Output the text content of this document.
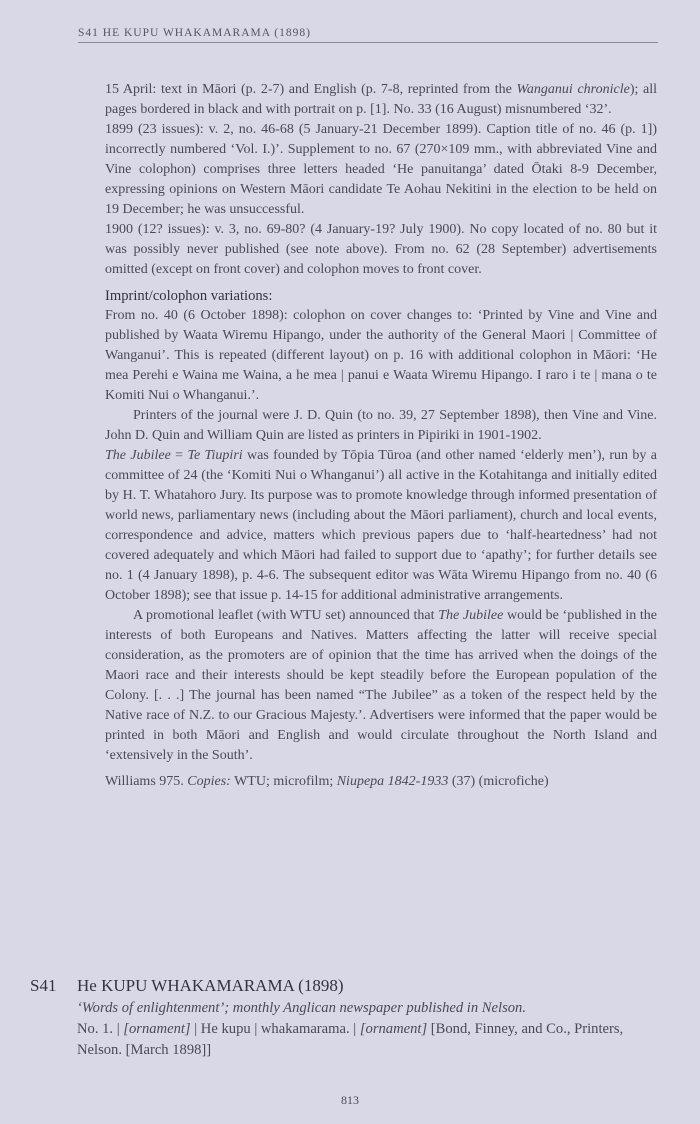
S41 HE KUPU WHAKAMARAMA (1898)

15 April: text in Māori (p. 2-7) and English (p. 7-8, reprinted from the Wanganui chronicle); all pages bordered in black and with portrait on p. [1]. No. 33 (16 August) misnumbered ‘32’.

1899 (23 issues): v. 2, no. 46-68 (5 January-21 December 1899). Caption title of no. 46 (p. 1]) incorrectly numbered ‘Vol. I.)’. Supplement to no. 67 (270×109 mm., with abbreviated Vine and Vine colophon) comprises three letters headed ‘He panuitanga’ dated Ōtaki 8-9 December, expressing opinions on Western Māori candidate Te Aohau Nekitini in the election to be held on 19 December; he was unsuccessful.

1900 (12? issues): v. 3, no. 69-80? (4 January-19? July 1900). No copy located of no. 80 but it was possibly never published (see note above). From no. 62 (28 September) advertisements omitted (except on front cover) and colophon moves to front cover.

Imprint/colophon variations:

From no. 40 (6 October 1898): colophon on cover changes to: ‘Printed by Vine and Vine and published by Waata Wiremu Hipango, under the authority of the General Maori | Committee of Wanganui’. This is repeated (different layout) on p. 16 with additional colophon in Māori: ‘He mea Perehi e Waina me Waina, a he mea | panui e Waata Wiremu Hipango. I raro i te | mana o te Komiti Nui o Whanganui.’.

Printers of the journal were J. D. Quin (to no. 39, 27 September 1898), then Vine and Vine. John D. Quin and William Quin are listed as printers in Pipiriki in 1901-1902.

The Jubilee = Te Tiupiri was founded by Tōpia Tūroa (and other named ‘elderly men’), run by a committee of 24 (the ‘Komiti Nui o Whanganui’) all active in the Kotahitanga and initially edited by H. T. Whatahoro Jury. Its purpose was to promote knowledge through informed presentation of world news, parliamentary news (including about the Māori parliament), church and local events, correspondence and advice, matters which previous papers due to ‘half-heartedness’ had not covered adequately and which Māori had failed to support due to ‘apathy’; for further details see no. 1 (4 January 1898), p. 4-6. The subsequent editor was Wāta Wiremu Hipango from no. 40 (6 October 1898); see that issue p. 14-15 for additional administrative arrangements.

A promotional leaflet (with WTU set) announced that The Jubilee would be ‘published in the interests of both Europeans and Natives. Matters affecting the latter will receive special consideration, as the promoters are of opinion that the time has arrived when the doings of the Maori race and their interests should be kept steadily before the European population of the Colony. [. . .] The journal has been named “The Jubilee” as a token of the respect held by the Native race of N.Z. to our Gracious Majesty.’. Advertisers were informed that the paper would be printed in both Māori and English and would circulate throughout the North Island and ‘extensively in the South’.

Williams 975. Copies: WTU; microfilm; Niupepa 1842-1933 (37) (microfiche)

S41 He KUPU WHAKAMARAMA (1898)

‘Words of enlightenment’; monthly Anglican newspaper published in Nelson.
No. 1. | [ornament] | He kupu | whakamarama. | [ornament] [Bond, Finney, and Co., Printers, Nelson. [March 1898]]
813
